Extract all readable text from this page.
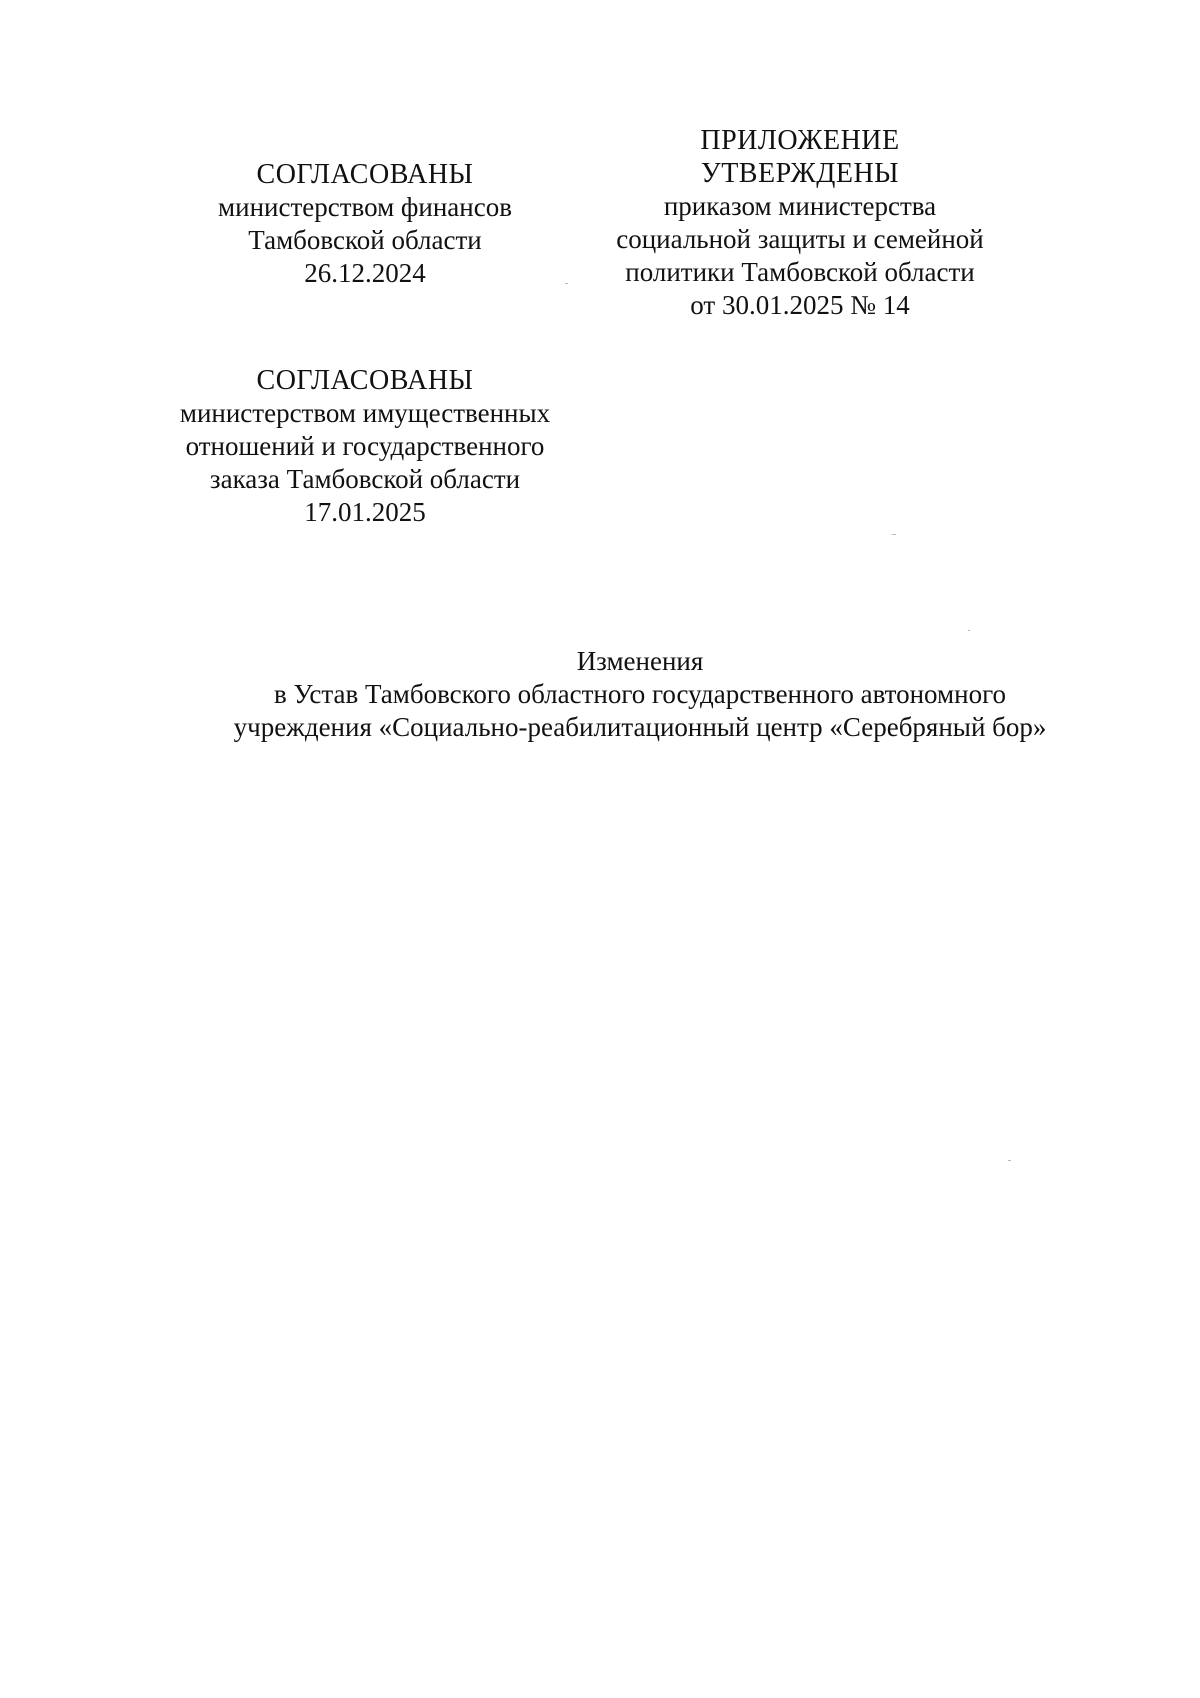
ПРИЛОЖЕНИЕ
УТВЕРЖДЕНЫ
приказом министерства
социальной защиты и семейной
политики Тамбовской области
от 30.01.2025 № 14
СОГЛАСОВАНЫ
министерством финансов
Тамбовской области
26.12.2024
СОГЛАСОВАНЫ
министерством имущественных
отношений и государственного
заказа Тамбовской области
17.01.2025
Изменения
в Устав Тамбовского областного государственного автономного
учреждения «Социально-реабилитационный центр «Серебряный бор»
